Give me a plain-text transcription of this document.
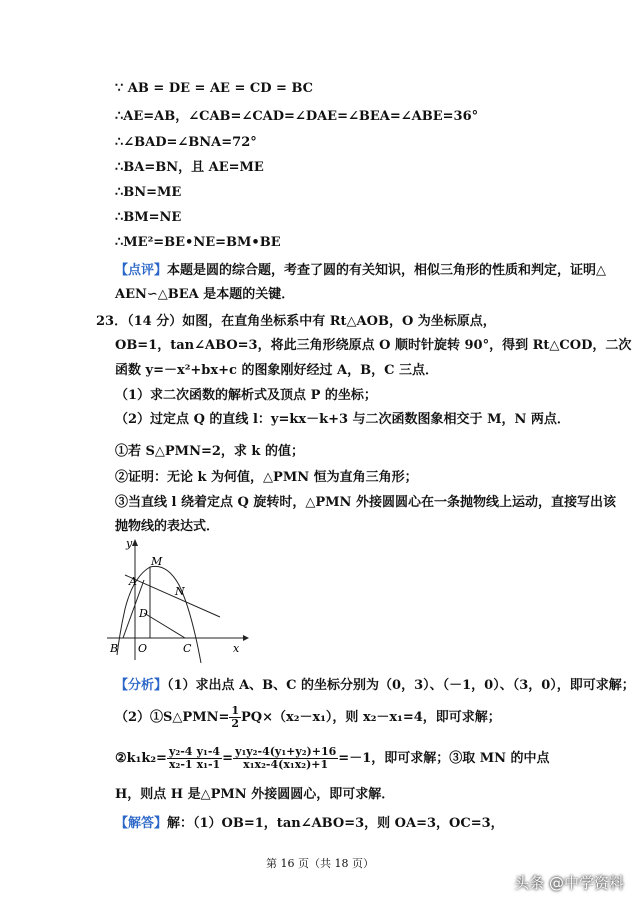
∵ AB = DE = AE = CD = BC
∴AE=AB，∠CAB=∠CAD=∠DAE=∠BEA=∠ABE=36°
∴∠BAD=∠BNA=72°
∴BA=BN，且 AE=ME
∴BN=ME
∴BM=NE
∴ME²=BE•NE=BM•BE
【点评】本题是圆的综合题，考查了圆的有关知识，相似三角形的性质和判定，证明△
AEN∽△BEA 是本题的关键．
23．（14 分）如图，在直角坐标系中有 Rt△AOB，O 为坐标原点，
OB=1，tan∠ABO=3，将此三角形绕原点 O 顺时针旋转 90°，得到 Rt△COD，二次
函数 y=－x²+bx+c 的图象刚好经过 A，B，C 三点．
（1）求二次函数的解析式及顶点 P 的坐标；
（2）过定点 Q 的直线 l：y=kx－k+3 与二次函数图象相交于 M，N 两点．
①若 S△PMN=2，求 k 的值；
②证明：无论 k 为何值，△PMN 恒为直角三角形；
③当直线 l 绕着定点 Q 旋转时，△PMN 外接圆圆心在一条抛物线上运动，直接写出该
抛物线的表达式．
y
x
M
A
N
D
B O	C
【分析】（1）求出点 A、B、C 的坐标分别为（0，3）、（－1，0）、（3，0），即可求解；
（2）①S△PMN= $\frac{1}{2} PQ\times(x_2-x_1)$，则 x₂－x₁=4，即可求解；
②k₁k₂= $\frac{\text{y₂-4}}{\text{x₂-1}} \frac{\text{y₁-4}}{\text{x₁-1}} = \frac{\text{y₁y₂-4(y₁+y₂)+16}}{\text{x₁x₂-4(x₁x₂)+1}} =-1$，即可求解；③取 MN 的中点
H，则点 H 是△PMN 外接圆圆心，即可求解．
【解答】解：（1）OB=1，tan∠ABO=3，则 OA=3，OC=3，
第 16 页（共 18 页）
头条 @中学资料
